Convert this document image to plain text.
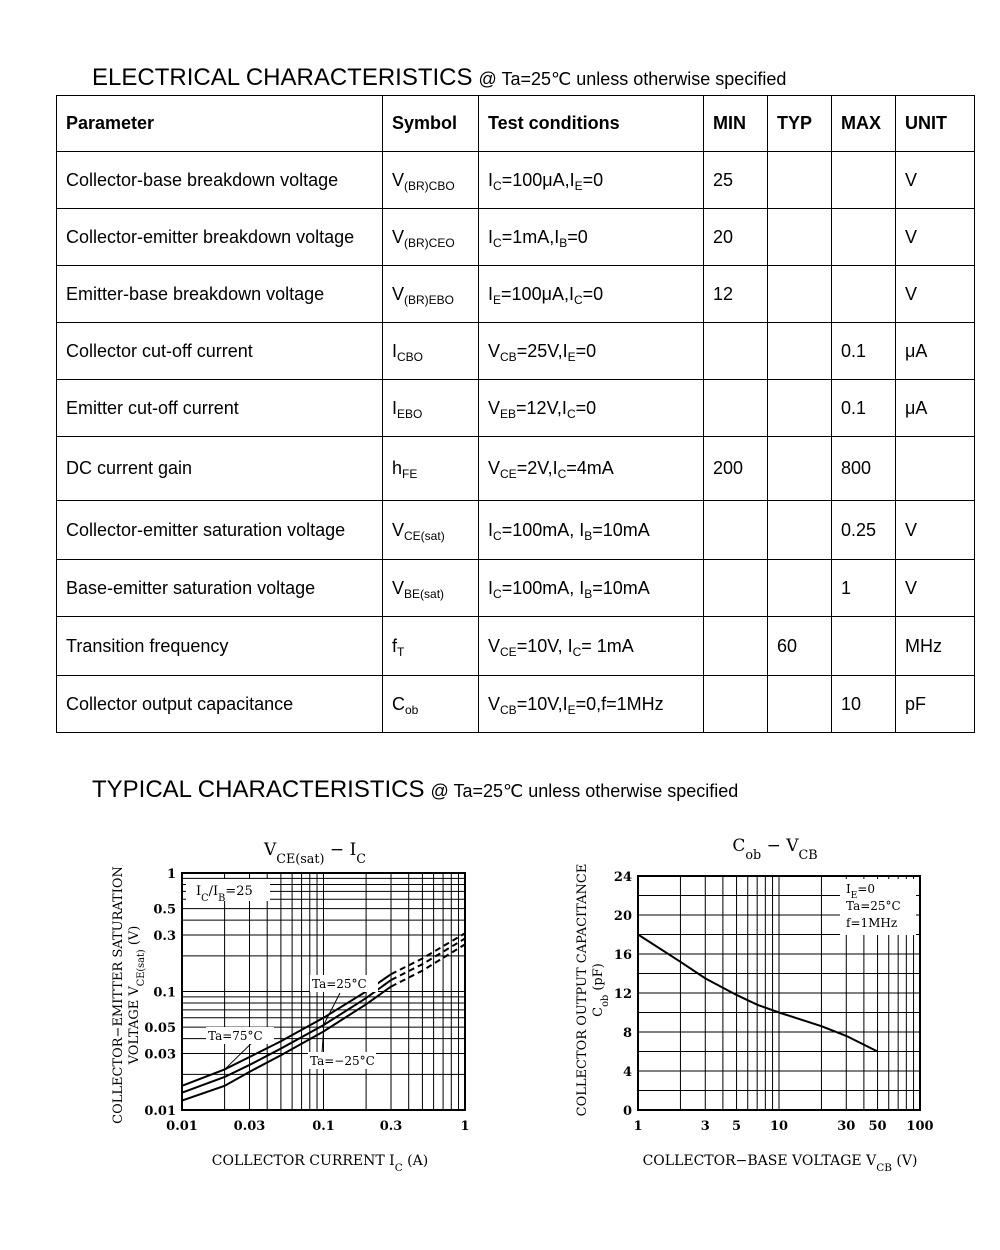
ELECTRICAL CHARACTERISTICS @ Ta=25℃ unless otherwise specified
Parameter	Symbol	Test conditions	MIN	TYP	MAX	UNIT
Collector-base breakdown voltage	$V_{(BR)CBO}$	$I_C=100\mu A,I_E=0$	25			V
Collector-emitter breakdown voltage	$V_{(BR)CEO}$	$I_C=1mA,I_B=0$	20			V
Emitter-base breakdown voltage	$V_{(BR)EBO}$	$I_E=100\mu A,I_C=0$	12			V
Collector cut-off current	$I_{CBO}$	$V_{CB}=25V,I_E=0$			0.1	μA
Emitter cut-off current	$I_{EBO}$	$V_{EB}=12V,I_C=0$			0.1	μA
DC current gain	$h_{FE}$	$V_{CE}=2V,I_C=4mA$	200		800	
Collector-emitter saturation voltage	$V_{CE(sat)}$	$I_C=100mA$, $I_B=10mA$			0.25	V
Base-emitter saturation voltage	$V_{BE(sat)}$	$I_C=100mA$, $I_B=10mA$			1	V
Transition frequency	$f_T$	$V_{CE}=10V$, $I_C= 1mA$		60		MHz
Collector output capacitance	$C_{ob}$	$V_{CB}=10V,I_E=0,f=1MHz$			10	pF
TYPICAL CHARACTERISTICS @ Ta=25℃ unless otherwise specified
0.01	0.03	0.1	0.3	1
0.01
0.03
0.05
0.1
0.3
0.5
1
$V_{CE(sat)} - I_C$
$I_C/I_B=25$
Ta=75°C
Ta=25°C
Ta=−25°C
COLLECTOR CURRENT $I_C$ (A)
COLLECTOR−EMITTER SATURATION VOLTAGE $V_{CE(sat)}$ (V)
1	3 5 10	30 50 100
0
4
8
12
16
20
24
$C_{ob} - V_{CB}$
$I_E=0$
Ta=25°C
f=1MHz
COLLECTOR−BASE VOLTAGE $V_{CB}$ (V)
COLLECTOR OUTPUT CAPACITANCE $C_{ob}$ (pF)
